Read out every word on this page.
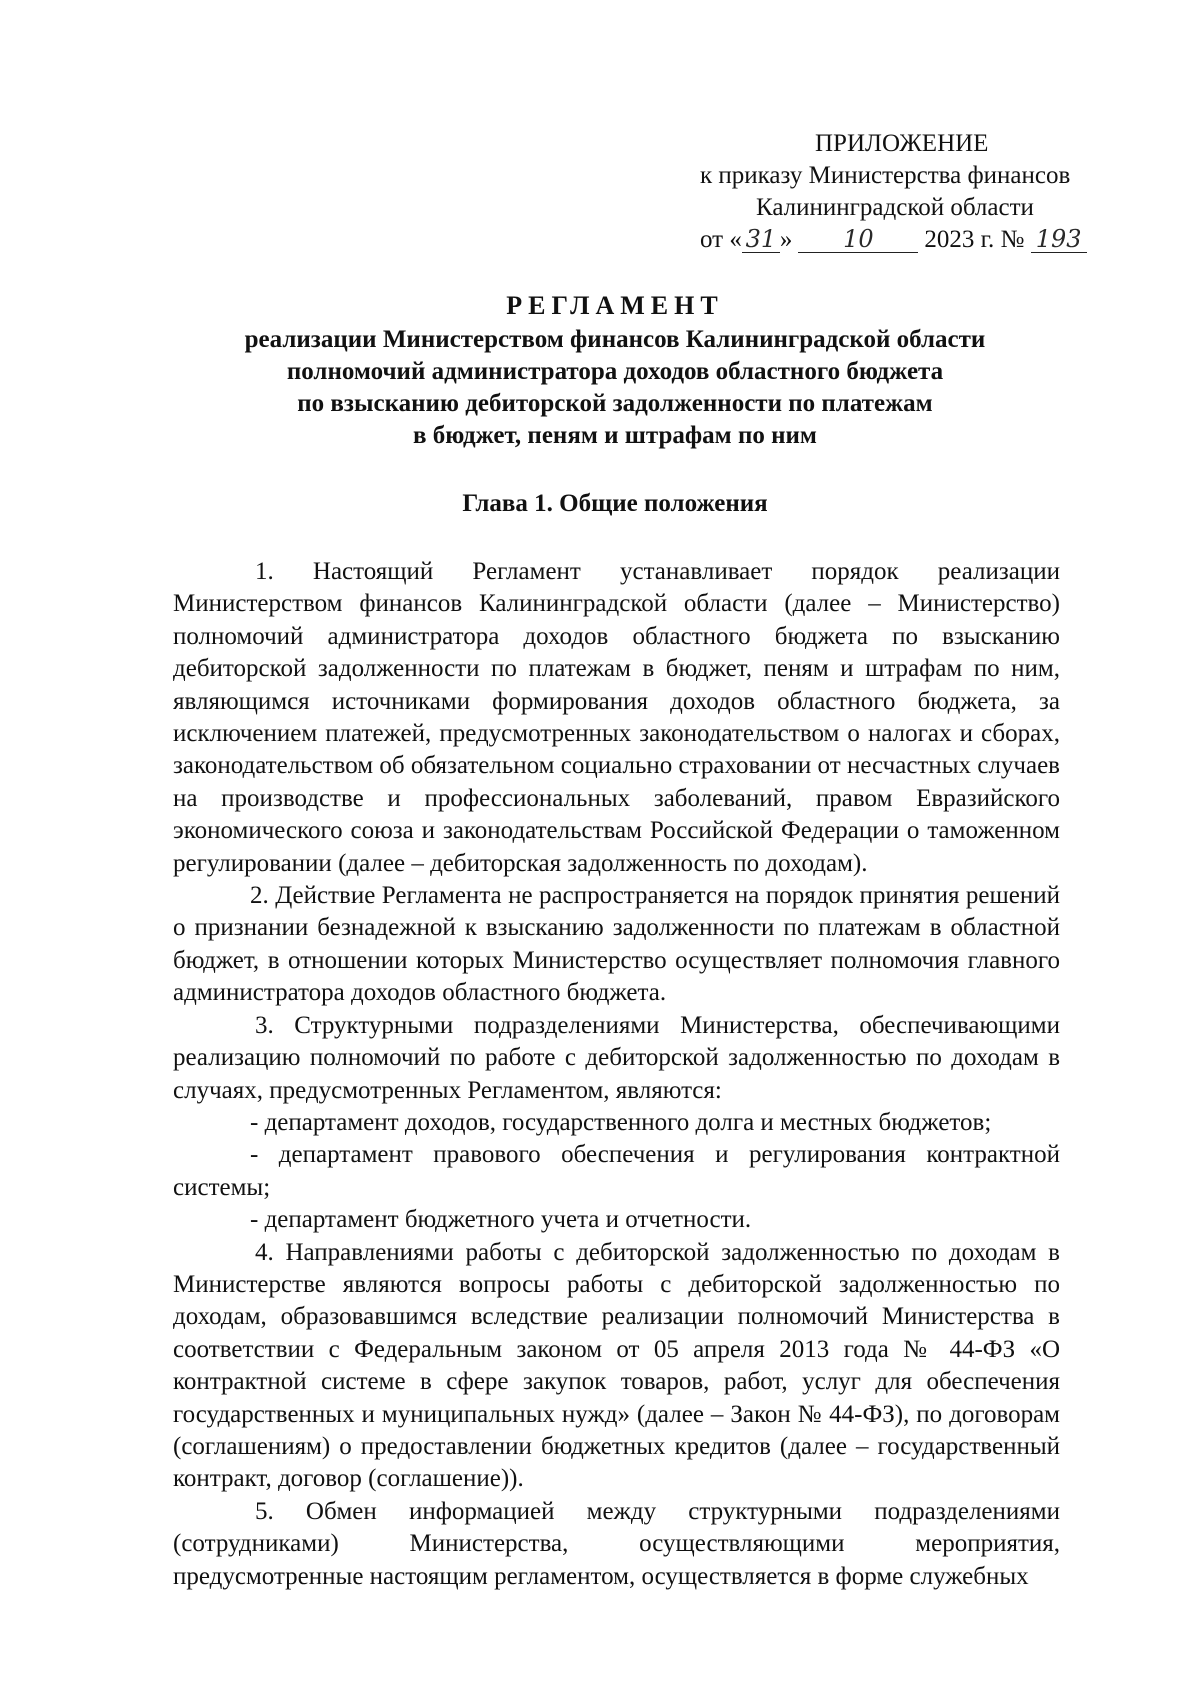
ПРИЛОЖЕНИЕ
к приказу Министерства финансов
Калининградской области
от « 31 » 10 2023 г. № 193
РЕГЛАМЕНТ
реализации Министерством финансов Калининградской области
полномочий администратора доходов областного бюджета
по взысканию дебиторской задолженности по платежам
в бюджет, пеням и штрафам по ним
Глава 1. Общие положения

1. Настоящий Регламент устанавливает порядок реализации Министерством финансов Калининградской области (далее – Министерство) полномочий администратора доходов областного бюджета по взысканию дебиторской задолженности по платежам в бюджет, пеням и штрафам по ним, являющимся источниками формирования доходов областного бюджета, за исключением платежей, предусмотренных законодательством о налогах и сборах, законодательством об обязательном социально страховании от несчастных случаев на производстве и профессиональных заболеваний, правом Евразийского экономического союза и законодательствам Российской Федерации о таможенном регулировании (далее – дебиторская задолженность по доходам).

2. Действие Регламента не распространяется на порядок принятия решений о признании безнадежной к взысканию задолженности по платежам в областной бюджет, в отношении которых Министерство осуществляет полномочия главного администратора доходов областного бюджета.

3. Структурными подразделениями Министерства, обеспечивающими реализацию полномочий по работе с дебиторской задолженностью по доходам в случаях, предусмотренных Регламентом, являются:

- департамент доходов, государственного долга и местных бюджетов;

- департамент правового обеспечения и регулирования контрактной системы;

- департамент бюджетного учета и отчетности.

4. Направлениями работы с дебиторской задолженностью по доходам в Министерстве являются вопросы работы с дебиторской задолженностью по доходам, образовавшимся вследствие реализации полномочий Министерства в соответствии с Федеральным законом от 05 апреля 2013 года № 44-ФЗ «О контрактной системе в сфере закупок товаров, работ, услуг для обеспечения государственных и муниципальных нужд» (далее – Закон № 44-ФЗ), по договорам (соглашениям) о предоставлении бюджетных кредитов (далее – государственный контракт, договор (соглашение)).

5. Обмен информацией между структурными подразделениями (сотрудниками) Министерства, осуществляющими мероприятия, предусмотренные настоящим регламентом, осуществляется в форме служебных
